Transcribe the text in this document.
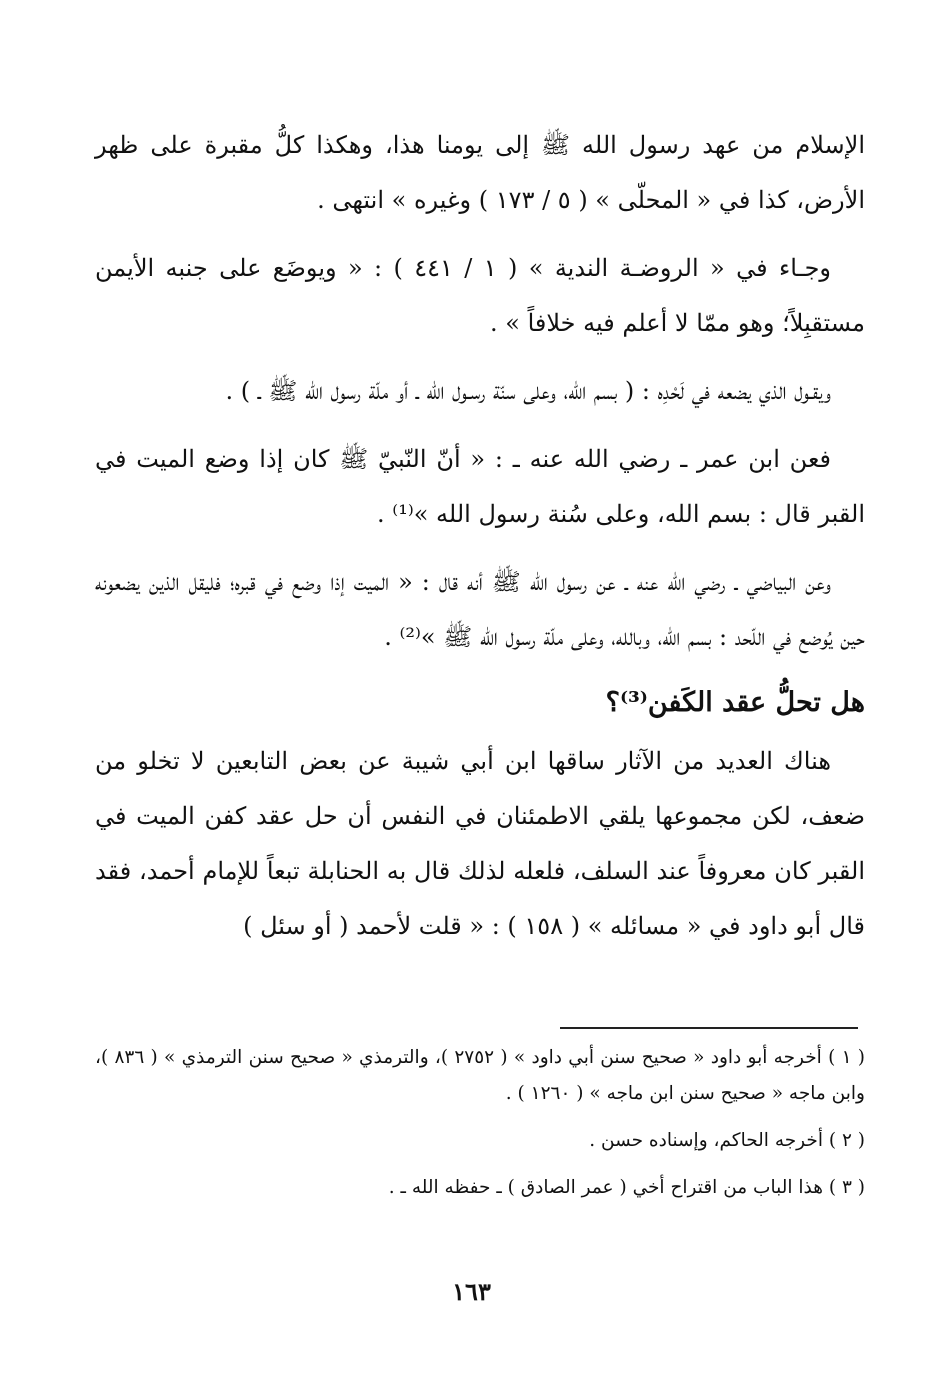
الإسلام من عهد رسول الله ﷺ إلى يومنا هذا، وهكذا كلُّ مقبرة على ظهر الأرض، كذا في « المحلّى » ( ٥ / ١٧٣ ) وغيره » انتهى .

وجـاء في « الروضـة الندية » ( ١ / ٤٤١ ) : « ويوضَع على جنبه الأيمن مستقبِلاً؛ وهو ممّا لا أعلم فيه خلافاً » .

ويقـول الذي يضعه في لَحْدِه : ( بسم الله، وعلى سنّة رسـول الله ـ أو ملّة رسول الله ﷺ ـ ) .

فعن ابن عمر ـ رضي الله عنه ـ : « أنّ النّبيّ ﷺ كان إذا وضع الميت في القبر قال : بسم الله، وعلى سُنة رسول الله »⁽¹⁾ .

وعن البياضي ـ رضي الله عنه ـ عن رسول الله ﷺ أنه قال : « الميت إذا وضع في قبره؛ فليقل الذين يضعونه حين يُوضع في اللّحد : بسم الله، وبالله، وعلى ملّة رسول الله ﷺ »⁽²⁾ .

هل تحلُّ عقد الكَفن⁽³⁾؟

هناك العديد من الآثار ساقها ابن أبي شيبة عن بعض التابعين لا تخلو من ضعف، لكن مجموعها يلقي الاطمئنان في النفس أن حل عقد كفن الميت في القبر كان معروفاً عند السلف، فلعله لذلك قال به الحنابلة تبعاً للإمام أحمد، فقد قال أبو داود في « مسائله » ( ١٥٨ ) : « قلت لأحمد ( أو سئل )

( ١ ) أخرجه أبو داود « صحيح سنن أبي داود » ( ٢٧٥٢ )، والترمذي « صحيح سنن الترمذي » ( ٨٣٦ )، وابن ماجه « صحيح سنن ابن ماجه » ( ١٢٦٠ ) .

( ٢ ) أخرجه الحاكم، وإسناده حسن .

( ٣ ) هذا الباب من اقتراح أخي ( عمر الصادق ) ـ حفظه الله ـ .

١٦٣
